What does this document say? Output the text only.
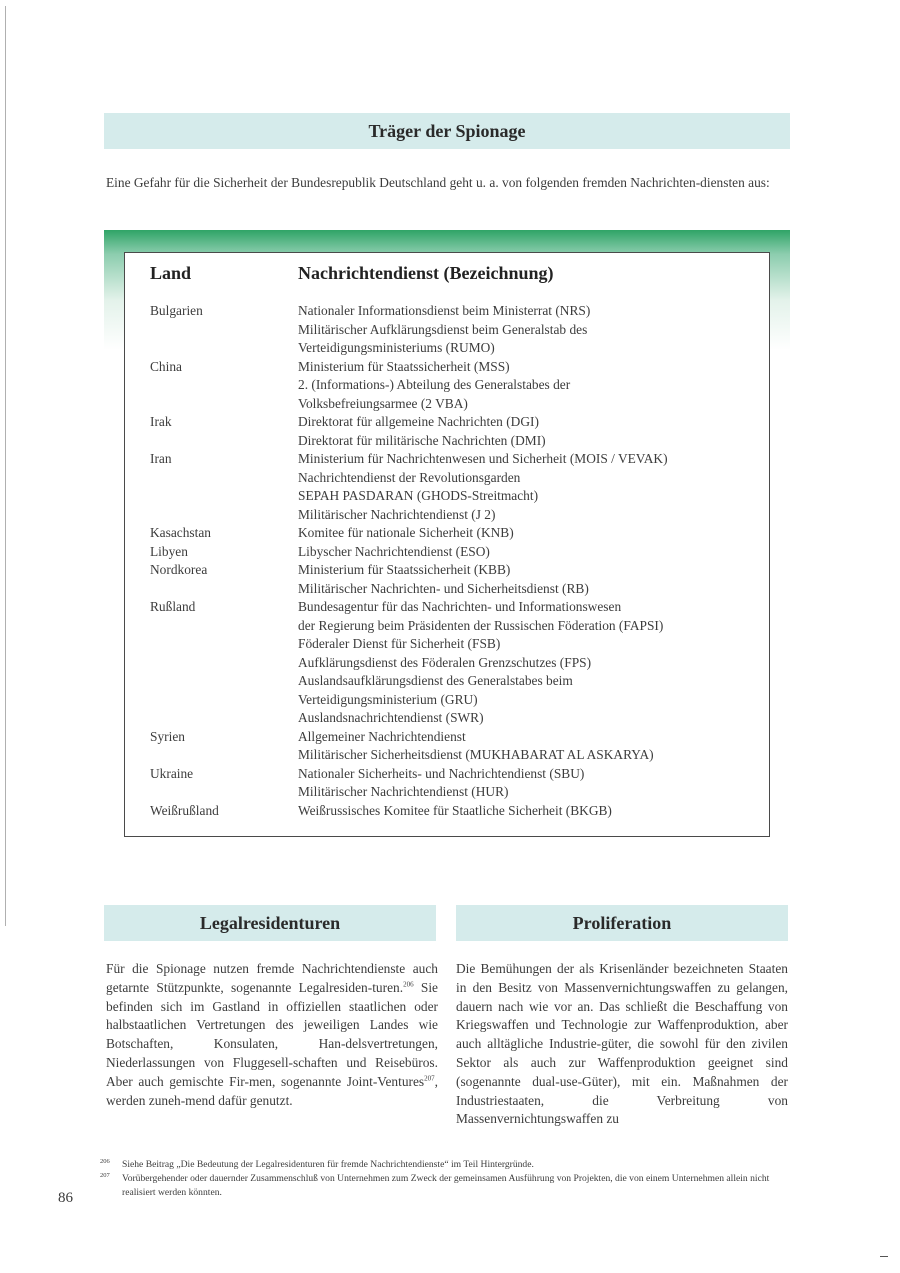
Träger der Spionage
Eine Gefahr für die Sicherheit der Bundesrepublik Deutschland geht u. a. von folgenden fremden Nachrichten-diensten aus:
Land	Nachrichtendienst (Bezeichnung)
Bulgarien	Nationaler Informationsdienst beim Ministerrat (NRS)
Militärischer Aufklärungsdienst beim Generalstab des
Verteidigungsministeriums (RUMO)
China	Ministerium für Staatssicherheit (MSS)
2. (Informations-) Abteilung des Generalstabes der
Volksbefreiungsarmee (2 VBA)
Irak	Direktorat für allgemeine Nachrichten (DGI)
Direktorat für militärische Nachrichten (DMI)
Iran	Ministerium für Nachrichtenwesen und Sicherheit (MOIS / VEVAK)
Nachrichtendienst der Revolutionsgarden
SEPAH PASDARAN (GHODS-Streitmacht)
Militärischer Nachrichtendienst (J 2)
Kasachstan	Komitee für nationale Sicherheit (KNB)
Libyen	Libyscher Nachrichtendienst (ESO)
Nordkorea	Ministerium für Staatssicherheit (KBB)
Militärischer Nachrichten- und Sicherheitsdienst (RB)
Rußland	Bundesagentur für das Nachrichten- und Informationswesen
der Regierung beim Präsidenten der Russischen Föderation (FAPSI)
Föderaler Dienst für Sicherheit (FSB)
Aufklärungsdienst des Föderalen Grenzschutzes (FPS)
Auslandsaufklärungsdienst des Generalstabes beim
Verteidigungsministerium (GRU)
Auslandsnachrichtendienst (SWR)
Syrien	Allgemeiner Nachrichtendienst
Militärischer Sicherheitsdienst (MUKHABARAT AL ASKARYA)
Ukraine	Nationaler Sicherheits- und Nachrichtendienst (SBU)
Militärischer Nachrichtendienst (HUR)
Weißrußland	Weißrussisches Komitee für Staatliche Sicherheit (BKGB)
Legalresidenturen	Proliferation

Für die Spionage nutzen fremde Nachrichtendienste auch getarnte Stützpunkte, sogenannte Legalresiden-turen.$^{206}$ Sie befinden sich im Gastland in offiziellen staatlichen oder halbstaatlichen Vertretungen des jeweiligen Landes wie Botschaften, Konsulaten, Han-delsvertretungen, Niederlassungen von Fluggesell-schaften und Reisebüros. Aber auch gemischte Fir-men, sogenannte Joint-Ventures$^{207}$, werden zuneh-mend dafür genutzt.

Die Bemühungen der als Krisenländer bezeichneten Staaten in den Besitz von Massenvernichtungswaffen zu gelangen, dauern nach wie vor an. Das schließt die Beschaffung von Kriegswaffen und Technologie zur Waffenproduktion, aber auch alltägliche Industrie-güter, die sowohl für den zivilen Sektor als auch zur Waffenproduktion geeignet sind (sogenannte dual-use-Güter), mit ein. Maßnahmen der Industriestaaten, die Verbreitung von Massenvernichtungswaffen zu

206 Siehe Beitrag „Die Bedeutung der Legalresidenturen für fremde Nachrichtendienste“ im Teil Hintergründe.
207 Vorübergehender oder dauernder Zusammenschluß von Unternehmen zum Zweck der gemeinsamen Ausführung von Projekten, die von einem Unternehmen allein nicht realisiert werden könnten.
86
